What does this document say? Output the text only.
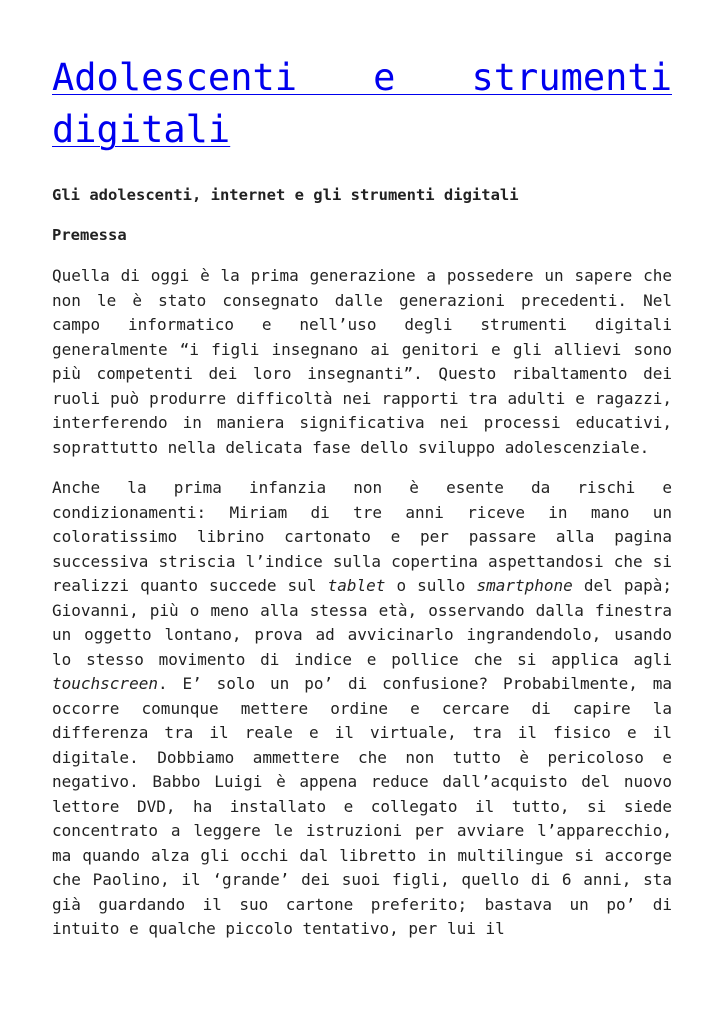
Adolescenti e strumenti digitali

Gli adolescenti, internet e gli strumenti digitali

Premessa

Quella di oggi è la prima generazione a possedere un sapere che non le è stato consegnato dalle generazioni precedenti. Nel campo informatico e nell’uso degli strumenti digitali generalmente “i figli insegnano ai genitori e gli allievi sono più competenti dei loro insegnanti”. Questo ribaltamento dei ruoli può produrre difficoltà nei rapporti tra adulti e ragazzi, interferendo in maniera significativa nei processi educativi, soprattutto nella delicata fase dello sviluppo adolescenziale.

Anche la prima infanzia non è esente da rischi e condizionamenti: Miriam di tre anni riceve in mano un coloratissimo librino cartonato e per passare alla pagina successiva striscia l’indice sulla copertina aspettandosi che si realizzi quanto succede sul tablet o sullo smartphone del papà; Giovanni, più o meno alla stessa età, osservando dalla finestra un oggetto lontano, prova ad avvicinarlo ingrandendolo, usando lo stesso movimento di indice e pollice che si applica agli touchscreen. E’ solo un po’ di confusione? Probabilmente, ma occorre comunque mettere ordine e cercare di capire la differenza tra il reale e il virtuale, tra il fisico e il digitale. Dobbiamo ammettere che non tutto è pericoloso e negativo. Babbo Luigi è appena reduce dall’acquisto del nuovo lettore DVD, ha installato e collegato il tutto, si siede concentrato a leggere le istruzioni per avviare l’apparecchio, ma quando alza gli occhi dal libretto in multilingue si accorge che Paolino, il ‘grande’ dei suoi figli, quello di 6 anni, sta già guardando il suo cartone preferito; bastava un po’ di intuito e qualche piccolo tentativo, per lui il
